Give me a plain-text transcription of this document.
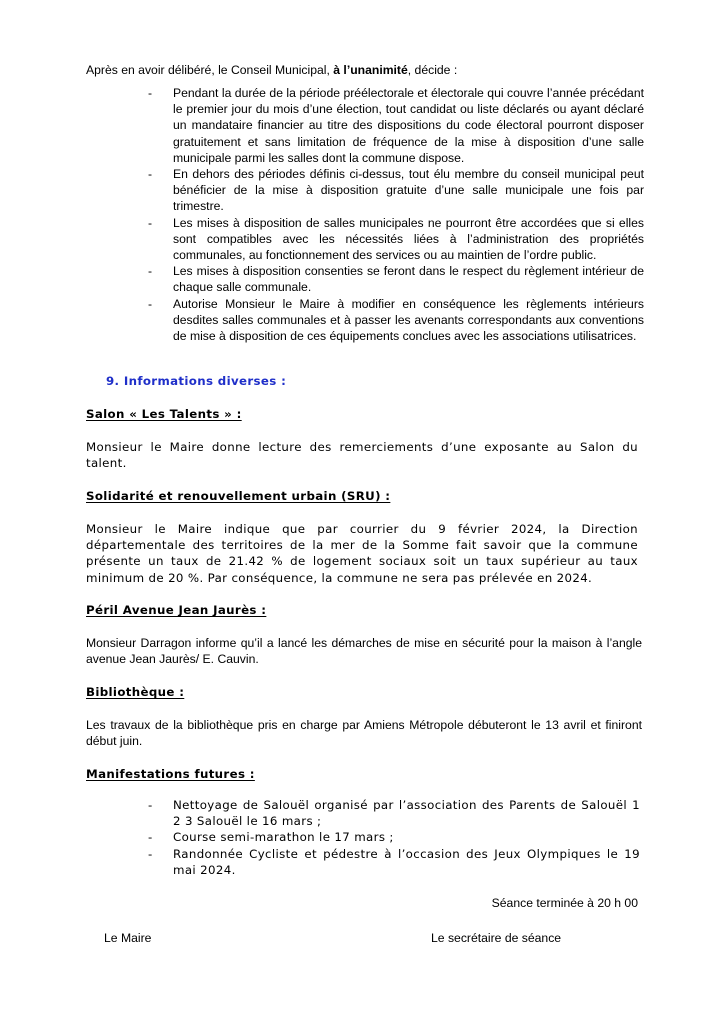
Après en avoir délibéré, le Conseil Municipal, à l’unanimité, décide :

- Pendant la durée de la période préélectorale et électorale qui couvre l’année précédant le premier jour du mois d’une élection, tout candidat ou liste déclarés ou ayant déclaré un mandataire financier au titre des dispositions du code électoral pourront disposer gratuitement et sans limitation de fréquence de la mise à disposition d’une salle municipale parmi les salles dont la commune dispose.
- En dehors des périodes définis ci-dessus, tout élu membre du conseil municipal peut bénéficier de la mise à disposition gratuite d’une salle municipale une fois par trimestre.
- Les mises à disposition de salles municipales ne pourront être accordées que si elles sont compatibles avec les nécessités liées à l’administration des propriétés communales, au fonctionnement des services ou au maintien de l’ordre public.
- Les mises à disposition consenties se feront dans le respect du règlement intérieur de chaque salle communale.
- Autorise Monsieur le Maire à modifier en conséquence les règlements intérieurs desdites salles communales et à passer les avenants correspondants aux conventions de mise à disposition de ces équipements conclues avec les associations utilisatrices.
9. Informations diverses :
Salon « Les Talents » :
Monsieur le Maire donne lecture des remerciements d’une exposante au Salon du talent.
Solidarité et renouvellement urbain (SRU) :
Monsieur le Maire indique que par courrier du 9 février 2024, la Direction départementale des territoires de la mer de la Somme fait savoir que la commune présente un taux de 21.42 % de logement sociaux soit un taux supérieur au taux minimum de 20 %. Par conséquence, la commune ne sera pas prélevée en 2024.
Péril Avenue Jean Jaurès :
Monsieur Darragon informe qu’il a lancé les démarches de mise en sécurité pour la maison à l’angle avenue Jean Jaurès/ E. Cauvin.
Bibliothèque :
Les travaux de la bibliothèque pris en charge par Amiens Métropole débuteront le 13 avril et finiront début juin.
Manifestations futures :
- Nettoyage de Salouël organisé par l’association des Parents de Salouël 1 2 3 Salouël le 16 mars ;
- Course semi-marathon le 17 mars ;
- Randonnée Cycliste et pédestre à l’occasion des Jeux Olympiques le 19 mai 2024.
Séance terminée à 20 h 00
Le Maire	Le secrétaire de séance
